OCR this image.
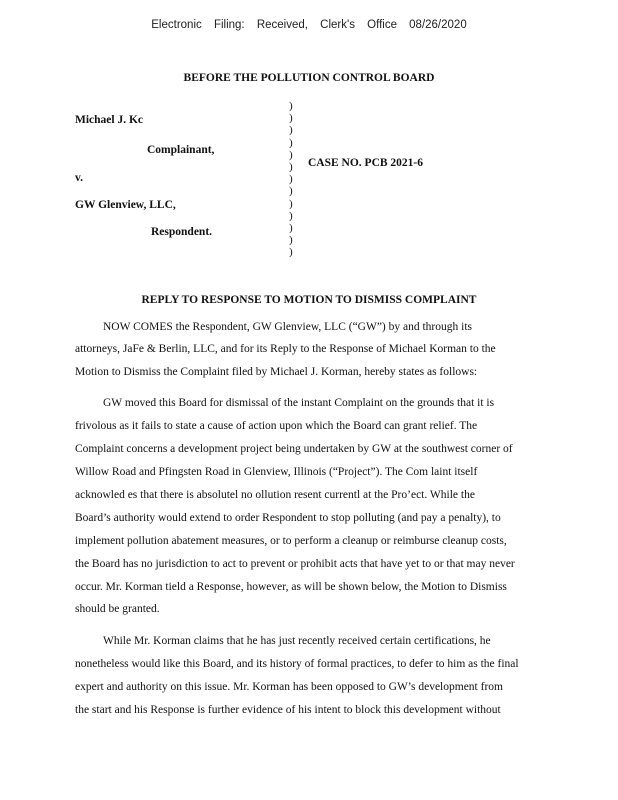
Electronic Filing: Received, Clerk's Office 08/26/2020
BEFORE THE POLLUTION CONTROL BOARD
Michael J. Kc
Complainant,
v.
GW Glenview, LLC,
Respondent.
)
)
)
)
)
)
)
)
)
)
)
)
)
CASE NO. PCB 2021-6
REPLY TO RESPONSE TO MOTION TO DISMISS COMPLAINT
NOW COMES the Respondent, GW Glenview, LLC (“GW”) by and through its
attorneys, JaFe & Berlin, LLC, and for its Reply to the Response of Michael Korman to the
Motion to Dismiss the Complaint filed by Michael J. Korman, hereby states as follows:
GW moved this Board for dismissal of the instant Complaint on the grounds that it is
frivolous as it fails to state a cause of action upon which the Board can grant relief. The
Complaint concerns a development project being undertaken by GW at the southwest corner of
Willow Road and Pfingsten Road in Glenview, Illinois (“Project”). The Com laint itself
acknowled es that there is absolutel no ollution resent currentl at the Pro’ect. While the
Board’s authority would extend to order Respondent to stop polluting (and pay a penalty), to
implement pollution abatement measures, or to perform a cleanup or reimburse cleanup costs,
the Board has no jurisdiction to act to prevent or prohibit acts that have yet to or that may never
occur. Mr. Korman tield a Response, however, as will be shown below, the Motion to Dismiss
should be granted.
While Mr. Korman claims that he has just recently received certain certifications, he
nonetheless would like this Board, and its history of formal practices, to defer to him as the final
expert and authority on this issue. Mr. Korman has been opposed to GW’s development from
the start and his Response is further evidence of his intent to block this development without
